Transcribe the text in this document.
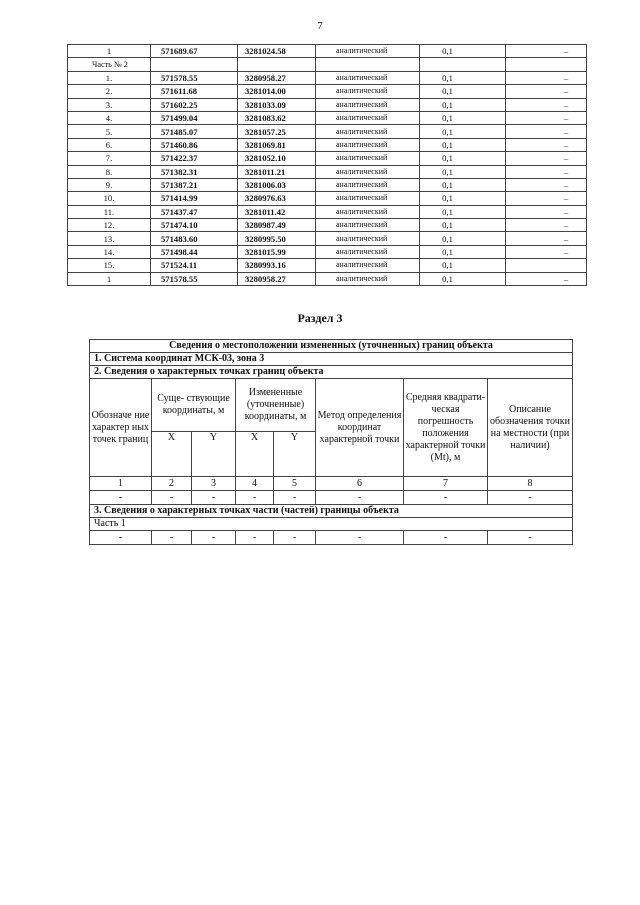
7
1	571689.67	3281024.58	аналитический	0,1	–
Часть № 2					
1.	571578.55	3280958.27	аналитический	0,1	–
2.	571611.68	3281014.00	аналитический	0,1	–
3.	571602.25	3281033.09	аналитический	0,1	–
4.	571499.04	3281083.62	аналитический	0,1	–
5.	571485.07	3281057.25	аналитический	0,1	–
6.	571460.86	3281069.81	аналитический	0,1	–
7.	571422.37	3281052.10	аналитический	0,1	–
8.	571382.31	3281011.21	аналитический	0,1	–
9.	571387.21	3281006.03	аналитический	0,1	–
10.	571414.99	3280976.63	аналитический	0,1	–
11.	571437.47	3281011.42	аналитический	0,1	–
12.	571474.10	3280987.49	аналитический	0,1	–
13.	571483.60	3280995.50	аналитический	0,1	–
14.	571498.44	3281015.99	аналитический	0,1	–
15.	571524.11	3280993.16	аналитический	0,1	
1	571578.55	3280958.27	аналитический	0,1	–
Раздел 3
Сведения о местоположении измененных (уточненных) границ объекта							
1. Система координат МСК-03, зона 3							
2. Сведения о характерных точках границ объекта							
Обозначе ние характер ных точек границ	Суще- ствующие координаты, м		Измененные (уточненные) координаты, м		Метод определения координат характерной точки	Средняя квадрати- ческая погрешность положения характерной точки (Mt), м	Описание обозначения точки на местности (при наличии)
	X	Y	X	Y			
1	2	3	4	5	6	7	8
-	-	-	-	-	-	-	-
3. Сведения о характерных точках части (частей) границы объекта							
Часть 1							
-	-	-	-	-	-	-	-
